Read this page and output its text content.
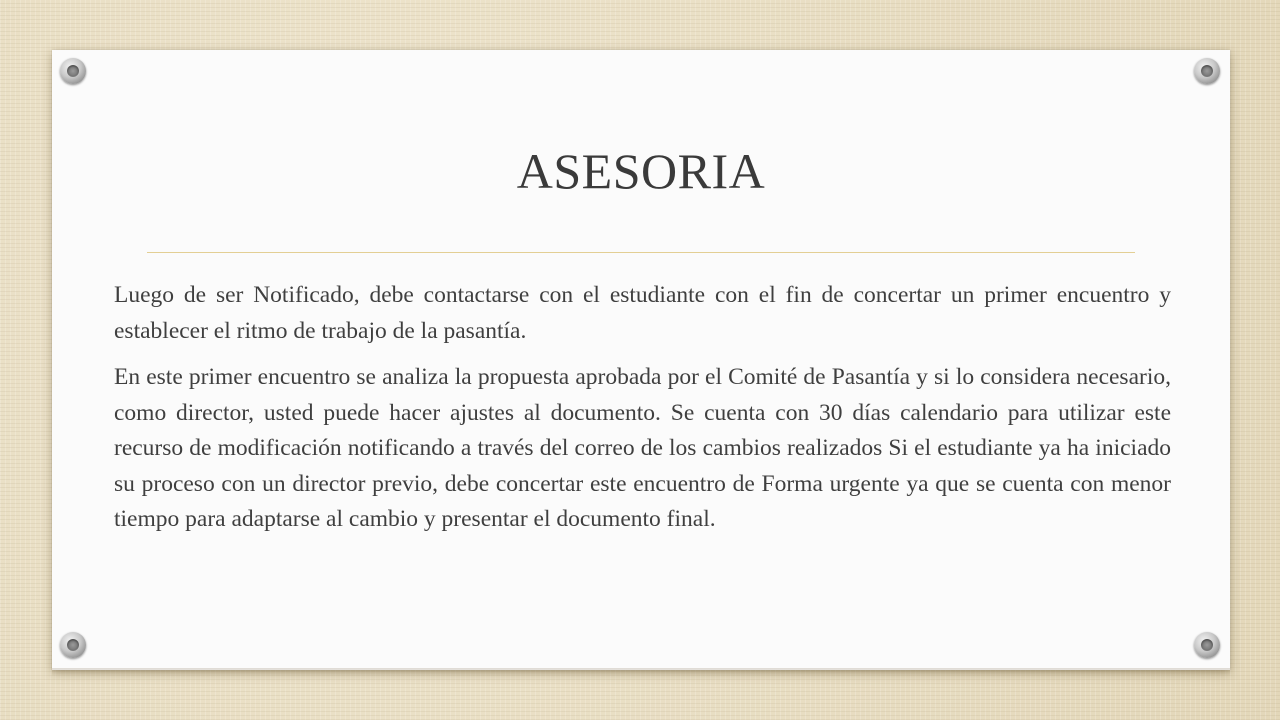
ASESORIA

Luego de ser Notificado, debe contactarse con el estudiante con el fin de concertar un primer encuentro y establecer el ritmo de trabajo de la pasantía.

En este primer encuentro se analiza la propuesta aprobada por el Comité de Pasantía y si lo considera necesario, como director, usted puede hacer ajustes al documento. Se cuenta con 30 días calendario para utilizar este recurso de modificación notificando a través del correo de los cambios realizados Si el estudiante ya ha iniciado su proceso con un director previo, debe concertar este encuentro de Forma urgente ya que se cuenta con menor tiempo para adaptarse al cambio y presentar el documento final.
